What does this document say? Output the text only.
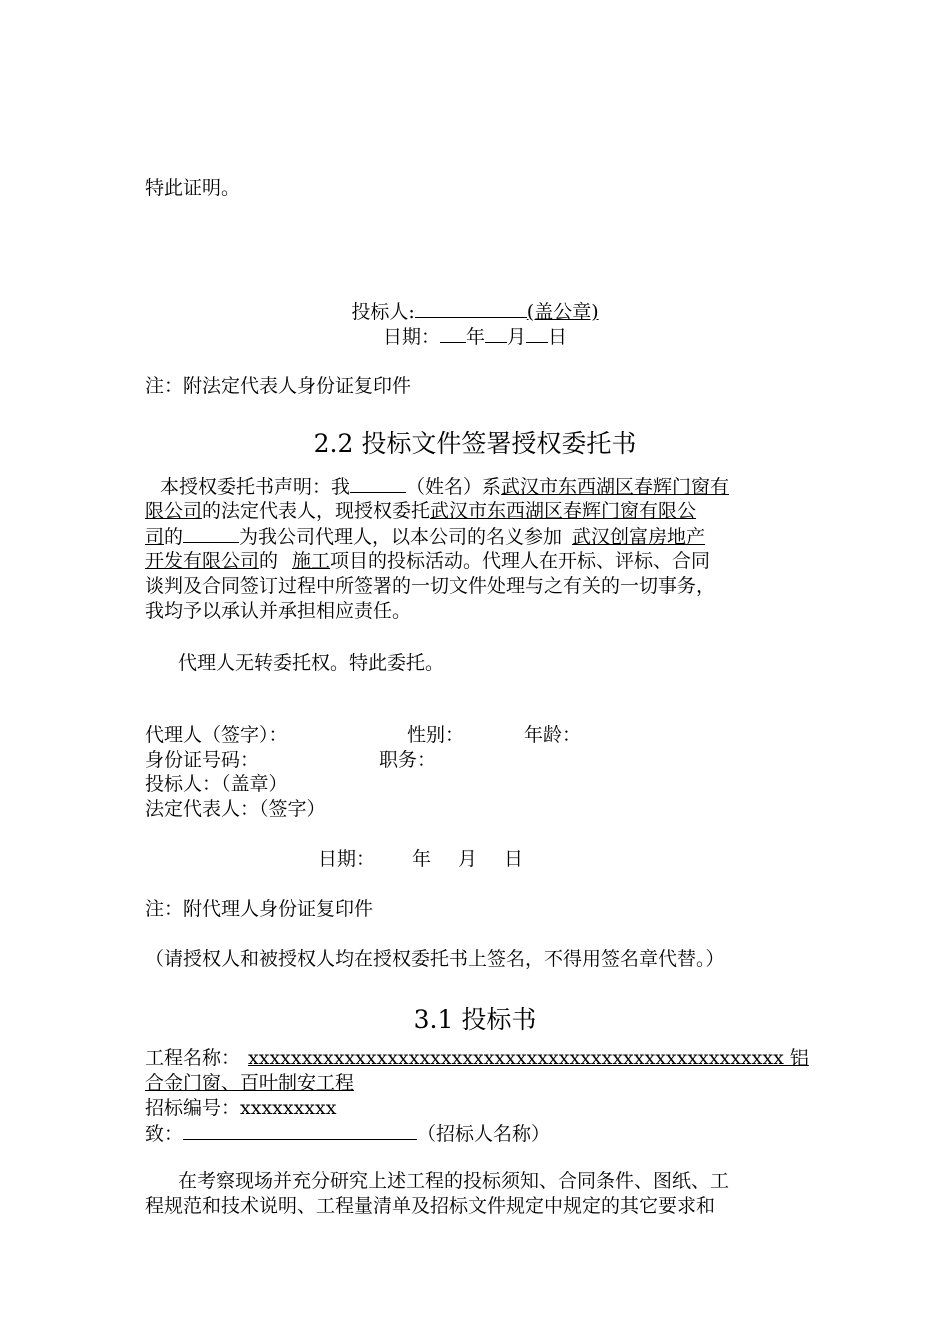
特此证明。
投标人:	(盖公章)
日期： 年 月 日
注：附法定代表人身份证复印件
2.2 投标文件签署授权委托书
本授权委托书声明：我	（姓名）系武汉市东西湖区春辉门窗有
限公司的法定代表人，现授权委托武汉市东西湖区春辉门窗有限公
司的	为我公司代理人，以本公司的名义参加 武汉创富房地产
开发有限公司的 施工项目的投标活动。代理人在开标、评标、合同
谈判及合同签订过程中所签署的一切文件处理与之有关的一切事务，
我均予以承认并承担相应责任。
代理人无转委托权。特此委托。
代理人（签字）：	性别：	年龄：
身份证号码：	职务：
投标人：（盖章）
法定代表人：（签字）
日期： 年 月 日
注：附代理人身份证复印件
（请授权人和被授权人均在授权委托书上签名，不得用签名章代替。）
3.1 投标书
工程名称： xxxxxxxxxxxxxxxxxxxxxxxxxxxxxxxxxxxxxxxxxxxxxxxxxx 铝
合金门窗、百叶制安工程
招标编号：xxxxxxxxx
致：	（招标人名称）
在考察现场并充分研究上述工程的投标须知、合同条件、图纸、工
程规范和技术说明、工程量清单及招标文件规定中规定的其它要求和
